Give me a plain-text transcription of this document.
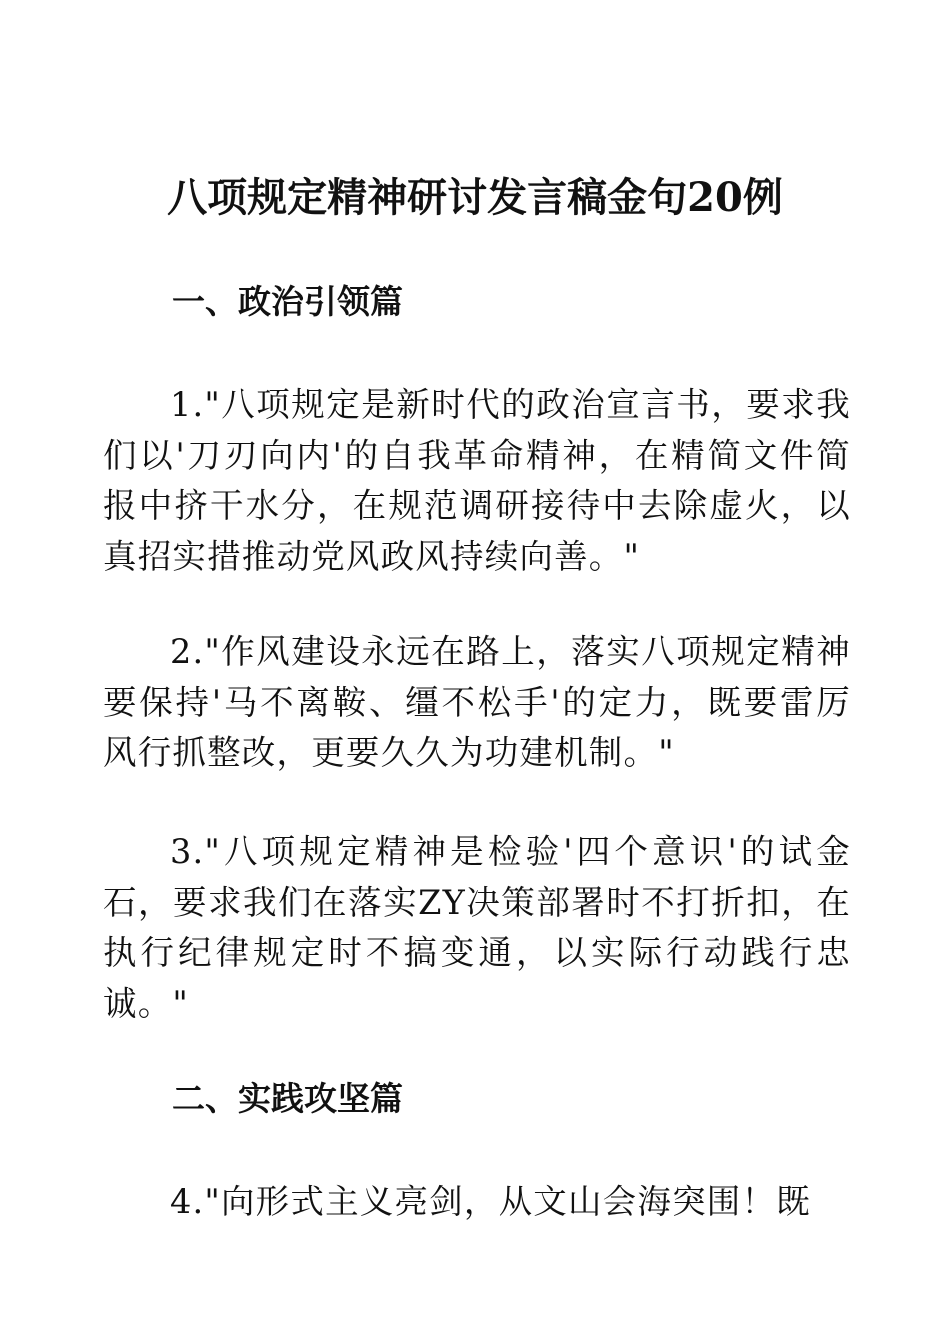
八项规定精神研讨发言稿金句20例
一、政治引领篇
1."八项规定是新时代的政治宣言书，要求我们以'刀刃向内'的自我革命精神，在精简文件简报中挤干水分，在规范调研接待中去除虚火，以真招实措推动党风政风持续向善。"
2."作风建设永远在路上，落实八项规定精神要保持'马不离鞍、缰不松手'的定力，既要雷厉风行抓整改，更要久久为功建机制。"
3."八项规定精神是检验'四个意识'的试金石，要求我们在落实ZY决策部署时不打折扣，在执行纪律规定时不搞变通，以实际行动践行忠诚。"
二、实践攻坚篇
4."向形式主义亮剑，从文山会海突围！既
